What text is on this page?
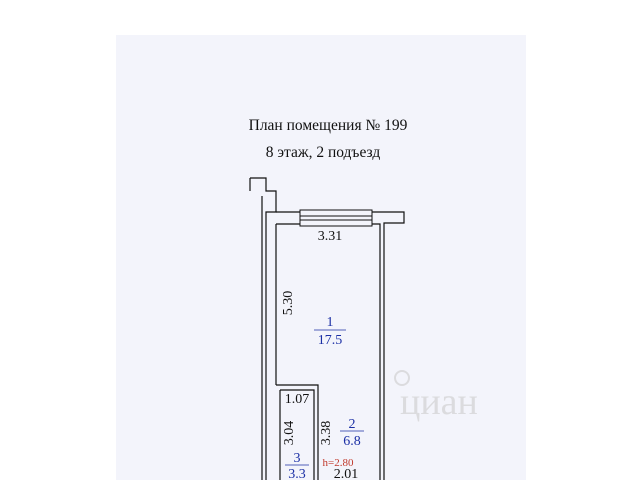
План помещения № 199
8 этаж, 2 подъезд
3.31
5.30
1.07
3.04 3.38
2.01
1
17.5
2
6.8
3
3.3
h=2.80
циан
